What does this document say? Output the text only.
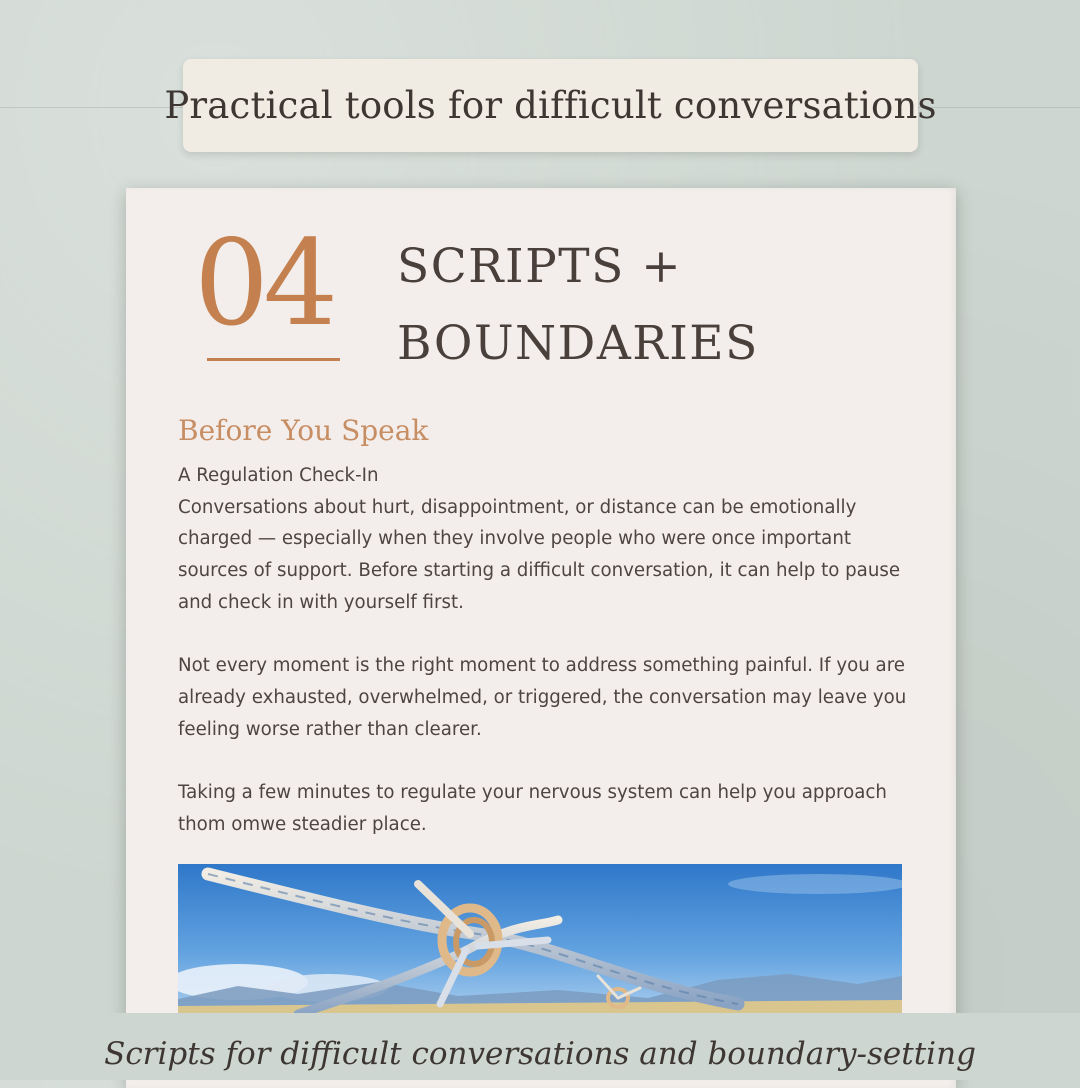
Practical tools for difficult conversations
04 SCRIPTS +
BOUNDARIES
Before You Speak

A Regulation Check-In

Conversations about hurt, disappointment, or distance can be emotionally charged — especially when they involve people who were once important sources of support. Before starting a difficult conversation, it can help to pause and check in with yourself first.

Not every moment is the right moment to address something painful. If you are already exhausted, overwhelmed, or triggered, the conversation may leave you feeling worse rather than clearer.

Taking a few minutes to regulate your nervous system can help you approach thom omwe steadier place.

Scripts for difficult conversations and boundary-setting
